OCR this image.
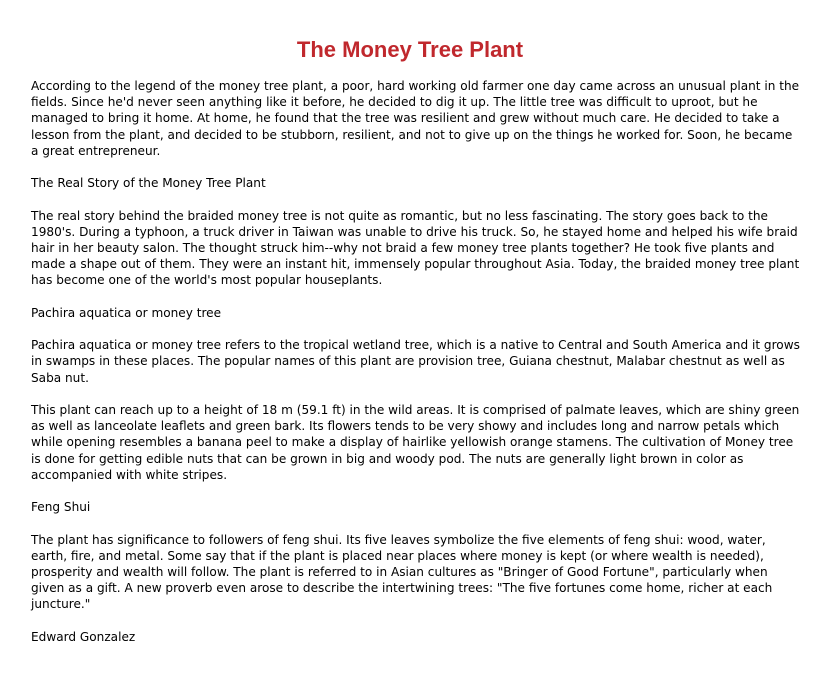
The Money Tree Plant

According to the legend of the money tree plant, a poor, hard working old farmer one day came across an unusual plant in the fields. Since he'd never seen anything like it before, he decided to dig it up. The little tree was difficult to uproot, but he managed to bring it home. At home, he found that the tree was resilient and grew without much care. He decided to take a lesson from the plant, and decided to be stubborn, resilient, and not to give up on the things he worked for. Soon, he became a great entrepreneur.

The Real Story of the Money Tree Plant

The real story behind the braided money tree is not quite as romantic, but no less fascinating. The story goes back to the 1980's. During a typhoon, a truck driver in Taiwan was unable to drive his truck. So, he stayed home and helped his wife braid hair in her beauty salon. The thought struck him--why not braid a few money tree plants together? He took five plants and made a shape out of them. They were an instant hit, immensely popular throughout Asia. Today, the braided money tree plant has become one of the world's most popular houseplants.

Pachira aquatica or money tree

Pachira aquatica or money tree refers to the tropical wetland tree, which is a native to Central and South America and it grows in swamps in these places. The popular names of this plant are provision tree, Guiana chestnut, Malabar chestnut as well as Saba nut.

This plant can reach up to a height of 18 m (59.1 ft) in the wild areas. It is comprised of palmate leaves, which are shiny green as well as lanceolate leaflets and green bark. Its flowers tends to be very showy and includes long and narrow petals which while opening resembles a banana peel to make a display of hairlike yellowish orange stamens. The cultivation of Money tree is done for getting edible nuts that can be grown in big and woody pod. The nuts are generally light brown in color as accompanied with white stripes.

Feng Shui

The plant has significance to followers of feng shui. Its five leaves symbolize the five elements of feng shui: wood, water, earth, fire, and metal. Some say that if the plant is placed near places where money is kept (or where wealth is needed), prosperity and wealth will follow. The plant is referred to in Asian cultures as "Bringer of Good Fortune", particularly when given as a gift. A new proverb even arose to describe the intertwining trees: "The five fortunes come home, richer at each juncture."

Edward Gonzalez
